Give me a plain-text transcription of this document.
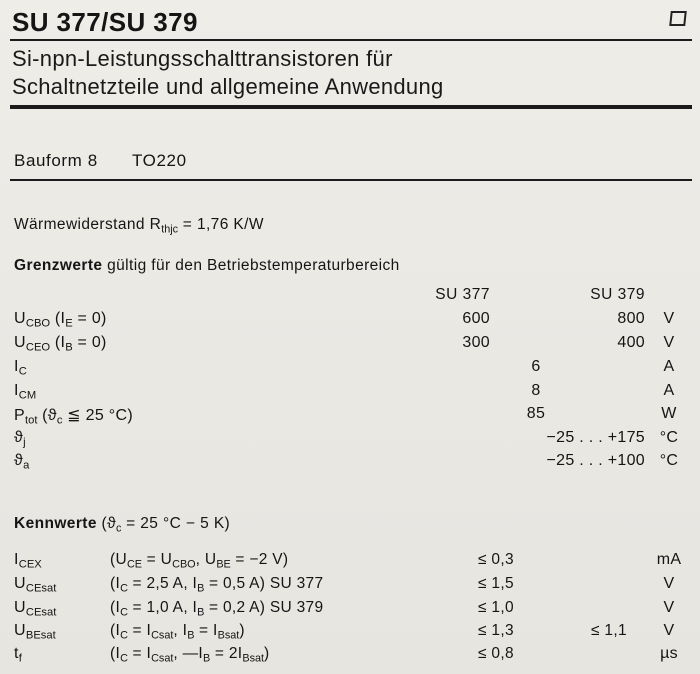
SU 377/SU 379
Si-npn-Leistungsschalttransistoren für
Schaltnetzteile und allgemeine Anwendung
Bauform 8 TO220
Wärmewiderstand $R_{thjc} = 1,76$ K/W
Grenzwerte gültig für den Betriebstemperaturbereich
SU 377	SU 379
$U_{CBO}$ $(I_E = 0)$	600	800	V
$U_{CEO}$ $(I_B = 0)$	300	400	V
$I_C$	6	A
$I_{CM}$	8	A
$P_{tot}$ ($ϑ_c$ ≦ 25 °C)	85	W
$ϑ_j$	−25 . . . +175 °C
$ϑ_a$	−25 . . . +100 °C
Kennwerte ($ϑ_c = 25$ °C − 5 K)
$I_{CEX}$	($U_{CE} = U_{CBO}$, $U_{BE} = -2$ V)	≤ 0,3	mA
$U_{CEsat}$	($I_C = 2,5$ A, $I_B = 0,5$ A) SU 377	≤ 1,5	V
$U_{CEsat}$	($I_C = 1,0$ A, $I_B = 0,2$ A) SU 379	≤ 1,0	V
$U_{BEsat}$	($I_C = I_{Csat}$, $I_B = I_{Bsat}$)	≤ 1,3	≤ 1,1	V
$t_f$	($I_C = I_{Csat}$, $—I_B = 2I_{Bsat}$)	≤ 0,8	µs
